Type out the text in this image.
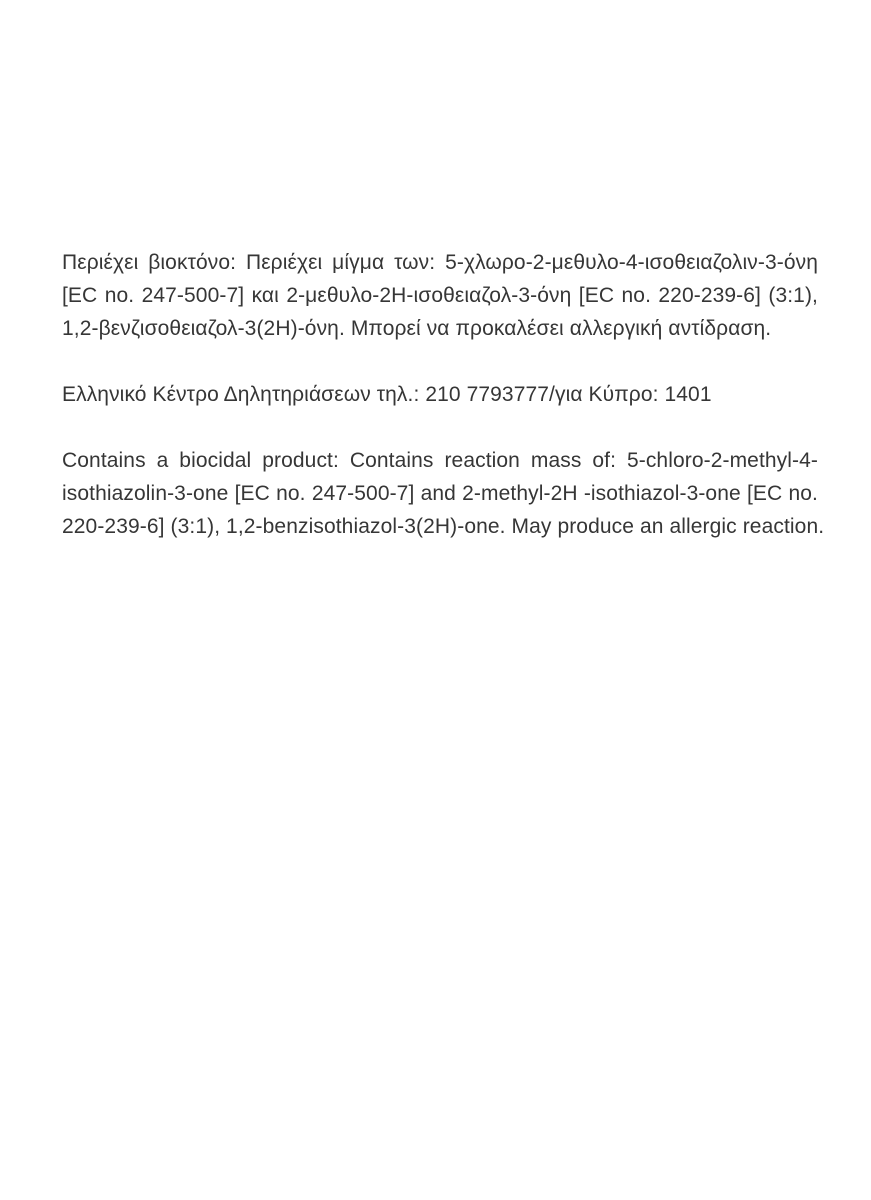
Περιέχει βιοκτόνο: Περιέχει μίγμα των: 5-χλωρο-2-μεθυλο-4-ισοθειαζολιν-3-όνη
[EC no. 247-500-7] και 2-μεθυλο-2H-ισοθειαζολ-3-όνη [EC no. 220-239-6] (3:1),
1,2-βενζισοθειαζολ-3(2H)-όνη. Μπορεί να προκαλέσει αλλεργική αντίδραση.
Ελληνικό Κέντρο Δηλητηριάσεων τηλ.: 210 7793777/για Κύπρο: 1401
Contains a biocidal product: Contains reaction mass of: 5-chloro-2-methyl-4-
isothiazolin-3-one [EC no. 247-500-7] and 2-methyl-2H -isothiazol-3-one [EC no.
220-239-6] (3:1), 1,2-benzisothiazol-3(2H)-one. May produce an allergic reaction.
